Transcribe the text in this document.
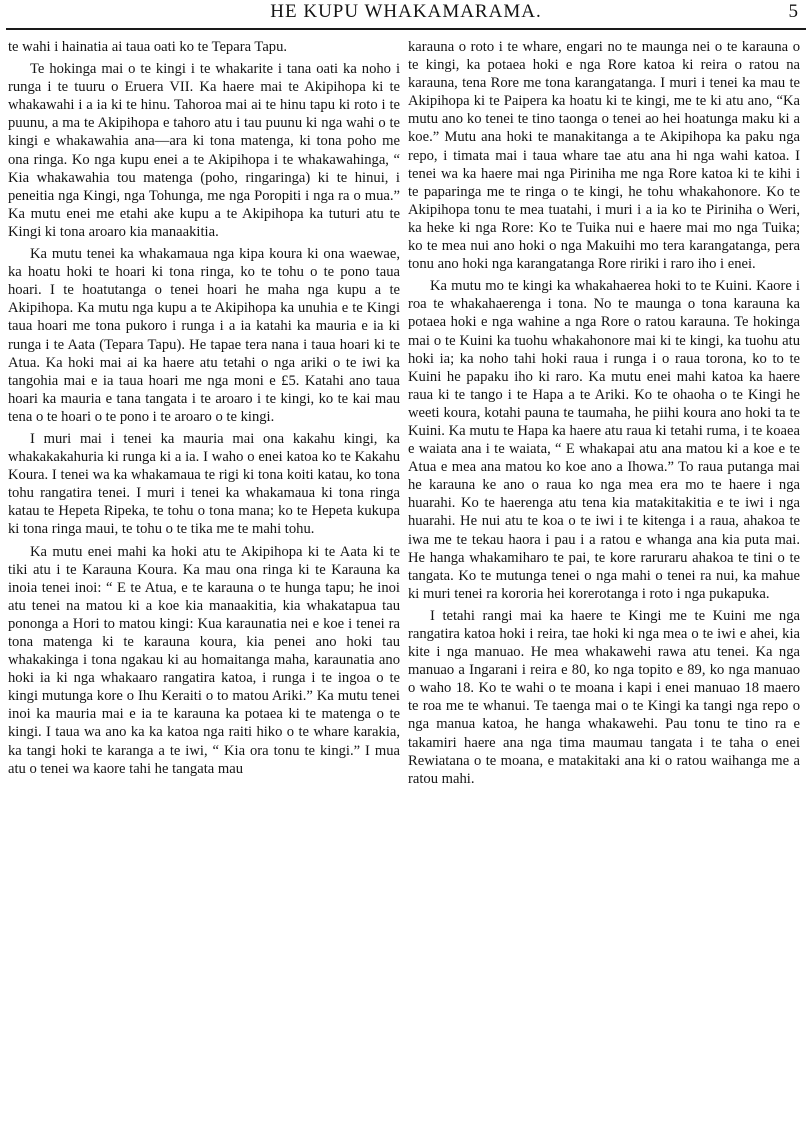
HE KUPU WHAKAMARAMA.	5

te wahi i hainatia ai taua oati ko te Tepara Tapu.

Te hokinga mai o te kingi i te whakarite i tana oati ka noho i runga i te tuuru o Eruera VII. Ka haere mai te Akipihopa ki te whakawahi i a ia ki te hinu. Tahoroa mai ai te hinu tapu ki roto i te puunu, a ma te Akipihopa e tahoro atu i tau puunu ki nga wahi o te kingi e whakawahia ana—ara ki tona matenga, ki tona poho me ona ringa. Ko nga kupu enei a te Akipihopa i te whakawahinga, “ Kia whakawahia tou matenga (poho, ringaringa) ki te hinui, i peneitia nga Kingi, nga Tohunga, me nga Poropiti i nga ra o mua.” Ka mutu enei me etahi ake kupu a te Akipihopa ka tuturi atu te Kingi ki tona aroaro kia manaakitia.

Ka mutu tenei ka whakamaua nga kipa koura ki ona waewae, ka hoatu hoki te hoari ki tona ringa, ko te tohu o te pono taua hoari. I te hoatutanga o tenei hoari he maha nga kupu a te Akipihopa. Ka mutu nga kupu a te Akipihopa ka unuhia e te Kingi taua hoari me tona pukoro i runga i a ia katahi ka mauria e ia ki runga i te Aata (Tepara Tapu). He tapae tera nana i taua hoari ki te Atua. Ka hoki mai ai ka haere atu tetahi o nga ariki o te iwi ka tangohia mai e ia taua hoari me nga moni e £5. Katahi ano taua hoari ka mauria e tana tangata i te aroaro i te kingi, ko te kai mau tena o te hoari o te pono i te aroaro o te kingi.

I muri mai i tenei ka mauria mai ona kakahu kingi, ka whakakakahuria ki runga ki a ia. I waho o enei katoa ko te Kakahu Koura. I tenei wa ka whakamaua te rigi ki tona koiti katau, ko tona tohu rangatira tenei. I muri i tenei ka whakamaua ki tona ringa katau te Hepeta Ripeka, te tohu o tona mana; ko te Hepeta kukupa ki tona ringa maui, te tohu o te tika me te mahi tohu.

Ka mutu enei mahi ka hoki atu te Akipihopa ki te Aata ki te tiki atu i te Karauna Koura. Ka mau ona ringa ki te Karauna ka inoia tenei inoi: “ E te Atua, e te karauna o te hunga tapu; he inoi atu tenei na matou ki a koe kia manaakitia, kia whakatapua tau pononga a Hori to matou kingi: Kua karaunatia nei e koe i tenei ra tona matenga ki te karauna koura, kia penei ano hoki tau whakakinga i tona ngakau ki au homaitanga maha, karaunatia ano hoki ia ki nga whakaaro rangatira katoa, i runga i te ingoa o te kingi mutunga kore o Ihu Keraiti o to matou Ariki.” Ka mutu tenei inoi ka mauria mai e ia te karauna ka potaea ki te matenga o te kingi. I taua wa ano ka ka katoa nga raiti hiko o te whare karakia, ka tangi hoki te karanga a te iwi, “ Kia ora tonu te kingi.” I mua atu o tenei wa kaore tahi he tangata mau

karauna o roto i te whare, engari no te maunga nei o te karauna o te kingi, ka potaea hoki e nga Rore katoa ki reira o ratou na karauna, tena Rore me tona karangatanga. I muri i tenei ka mau te Akipihopa ki te Paipera ka hoatu ki te kingi, me te ki atu ano, “Ka mutu ano ko tenei te tino taonga o tenei ao hei hoatunga maku ki a koe.” Mutu ana hoki te manakitanga a te Akipihopa ka paku nga repo, i timata mai i taua whare tae atu ana hi nga wahi katoa. I tenei wa ka haere mai nga Piriniha me nga Rore katoa ki te kihi i te paparinga me te ringa o te kingi, he tohu whakahonore. Ko te Akipihopa tonu te mea tuatahi, i muri i a ia ko te Piriniha o Weri, ka heke ki nga Rore: Ko te Tuika nui e haere mai mo nga Tuika; ko te mea nui ano hoki o nga Makuihi mo tera karangatanga, pera tonu ano hoki nga karangatanga Rore ririki i raro iho i enei.

Ka mutu mo te kingi ka whakahaerea hoki to te Kuini. Kaore i roa te whakahaerenga i tona. No te maunga o tona karauna ka potaea hoki e nga wahine a nga Rore o ratou karauna. Te hokinga mai o te Kuini ka tuohu whakahonore mai ki te kingi, ka tuohu atu hoki ia; ka noho tahi hoki raua i runga i o raua torona, ko to te Kuini he papaku iho ki raro. Ka mutu enei mahi katoa ka haere raua ki te tango i te Hapa a te Ariki. Ko te ohaoha o te Kingi he weeti koura, kotahi pauna te taumaha, he piihi koura ano hoki ta te Kuini. Ka mutu te Hapa ka haere atu raua ki tetahi ruma, i te koaea e waiata ana i te waiata, “ E whakapai atu ana matou ki a koe e te Atua e mea ana matou ko koe ano a Ihowa.” To raua putanga mai he karauna ke ano o raua ko nga mea era mo te haere i nga huarahi. Ko te haerenga atu tena kia matakitakitia e te iwi i nga huarahi. He nui atu te koa o te iwi i te kitenga i a raua, ahakoa te iwa me te tekau haora i pau i a ratou e whanga ana kia puta mai. He hanga whakamiharo te pai, te kore raruraru ahakoa te tini o te tangata. Ko te mutunga tenei o nga mahi o tenei ra nui, ka mahue ki muri tenei ra kororia hei korerotanga i roto i nga pukapuka.

I tetahi rangi mai ka haere te Kingi me te Kuini me nga rangatira katoa hoki i reira, tae hoki ki nga mea o te iwi e ahei, kia kite i nga manuao. He mea whakawehi rawa atu tenei. Ka nga manuao a Ingarani i reira e 80, ko nga topito e 89, ko nga manuao o waho 18. Ko te wahi o te moana i kapi i enei manuao 18 maero te roa me te whanui. Te taenga mai o te Kingi ka tangi nga repo o nga manua katoa, he hanga whakawehi. Pau tonu te tino ra e takamiri haere ana nga tima maumau tangata i te taha o enei Rewiatana o te moana, e matakitaki ana ki o ratou waihanga me a ratou mahi.
